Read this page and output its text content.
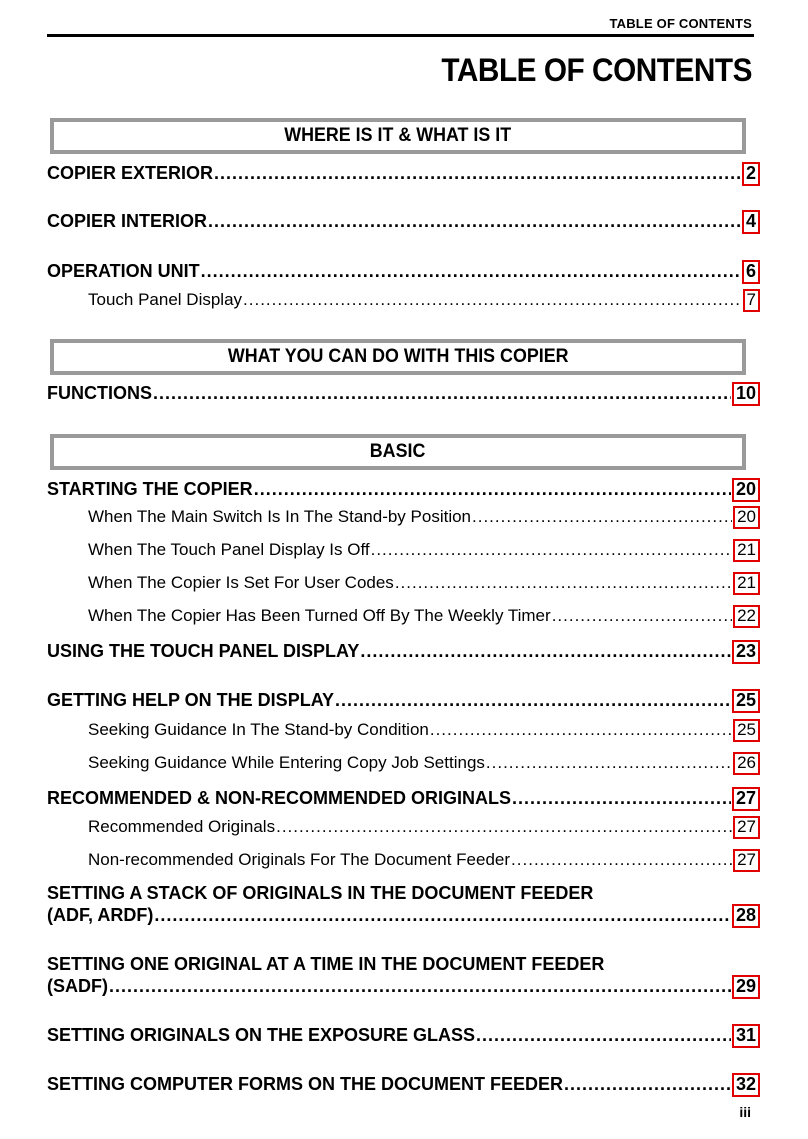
TABLE OF CONTENTS
TABLE OF CONTENTS
WHERE IS IT & WHAT IS IT
COPIER EXTERIOR .....	2
COPIER INTERIOR .....	4
OPERATION UNIT .....	6
Touch Panel Display .....	7
WHAT YOU CAN DO WITH THIS COPIER
FUNCTIONS .....	10
BASIC
STARTING THE COPIER .....	20
When The Main Switch Is In The Stand-by Position .....	20
When The Touch Panel Display Is Off .....	21
When The Copier Is Set For User Codes .....	21
When The Copier Has Been Turned Off By The Weekly Timer .....	22
USING THE TOUCH PANEL DISPLAY .....	23
GETTING HELP ON THE DISPLAY .....	25
Seeking Guidance In The Stand-by Condition .....	25
Seeking Guidance While Entering Copy Job Settings .....	26
RECOMMENDED & NON-RECOMMENDED ORIGINALS .....	27
Recommended Originals .....	27
Non-recommended Originals For The Document Feeder .....	27
SETTING A STACK OF ORIGINALS IN THE DOCUMENT FEEDER
(ADF, ARDF) .....	28
SETTING ONE ORIGINAL AT A TIME IN THE DOCUMENT FEEDER
(SADF) .....	29
SETTING ORIGINALS ON THE EXPOSURE GLASS .....	31
SETTING COMPUTER FORMS ON THE DOCUMENT FEEDER .....	32
iii
